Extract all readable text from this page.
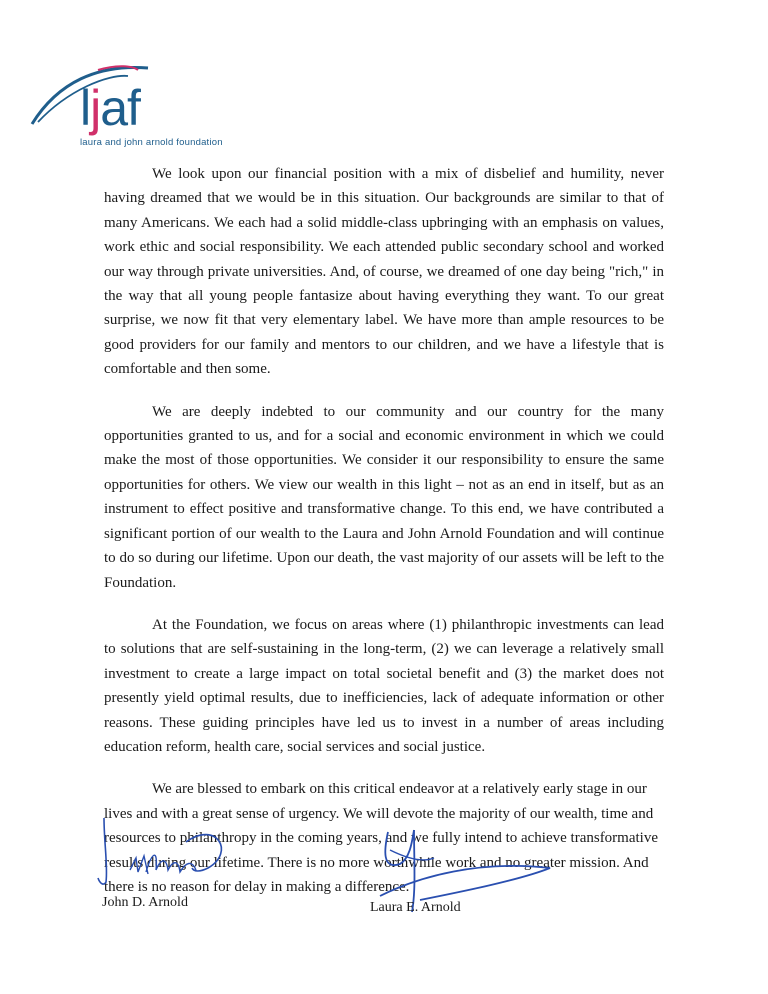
ljaf
laura and john arnold foundation

We look upon our financial position with a mix of disbelief and humility, never having dreamed that we would be in this situation. Our backgrounds are similar to that of many Americans. We each had a solid middle-class upbringing with an emphasis on values, work ethic and social responsibility. We each attended public secondary school and worked our way through private universities. And, of course, we dreamed of one day being "rich," in the way that all young people fantasize about having everything they want. To our great surprise, we now fit that very elementary label. We have more than ample resources to be good providers for our family and mentors to our children, and we have a lifestyle that is comfortable and then some.

We are deeply indebted to our community and our country for the many opportunities granted to us, and for a social and economic environment in which we could make the most of those opportunities. We consider it our responsibility to ensure the same opportunities for others. We view our wealth in this light – not as an end in itself, but as an instrument to effect positive and transformative change. To this end, we have contributed a significant portion of our wealth to the Laura and John Arnold Foundation and will continue to do so during our lifetime. Upon our death, the vast majority of our assets will be left to the Foundation.

At the Foundation, we focus on areas where (1) philanthropic investments can lead to solutions that are self-sustaining in the long-term, (2) we can leverage a relatively small investment to create a large impact on total societal benefit and (3) the market does not presently yield optimal results, due to inefficiencies, lack of adequate information or other reasons. These guiding principles have led us to invest in a number of areas including education reform, health care, social services and social justice.

We are blessed to embark on this critical endeavor at a relatively early stage in our lives and with a great sense of urgency. We will devote the majority of our wealth, time and resources to philanthropy in the coming years, and we fully intend to achieve transformative results during our lifetime. There is no more worthwhile work and no greater mission. And there is no reason for delay in making a difference.

John D. Arnold	Laura E. Arnold
